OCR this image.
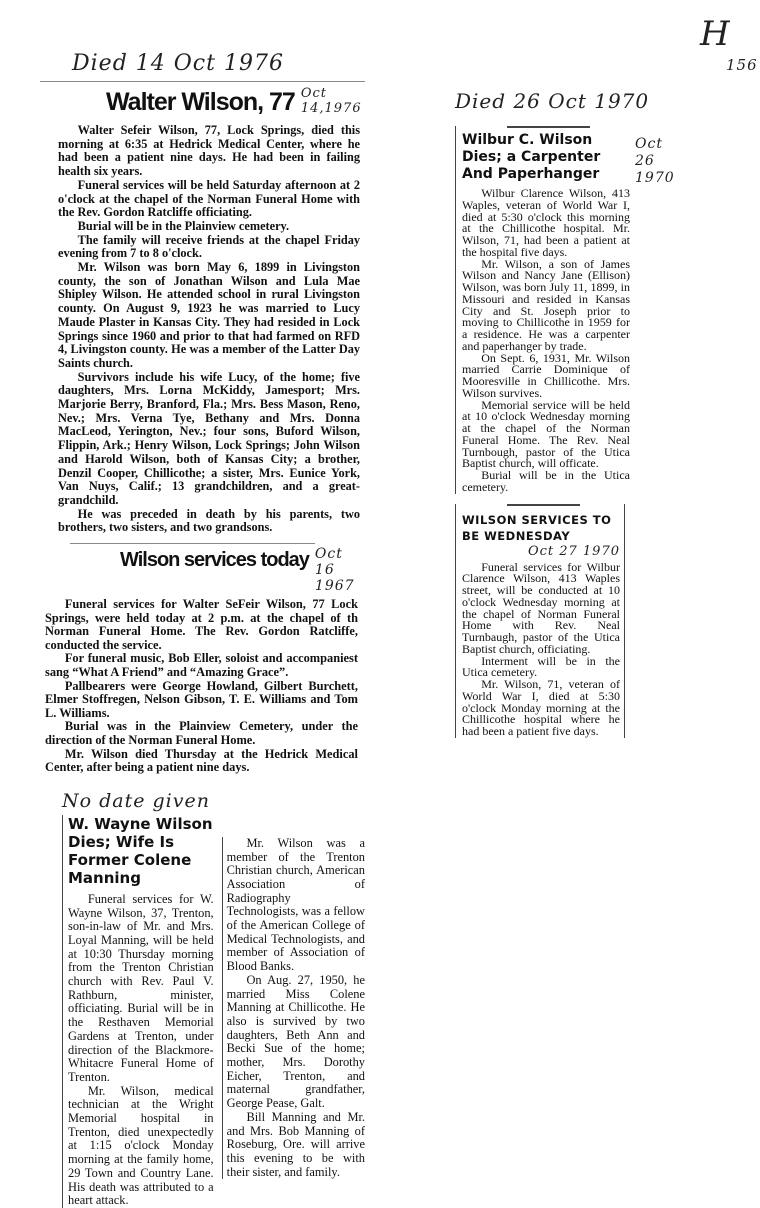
H
156
Died 14 Oct 1976
Walter Wilson, 77 Oct 14,1976

Walter Sefeir Wilson, 77, Lock Springs, died this morning at 6:35 at Hedrick Medical Center, where he had been a patient nine days. He had been in failing health six years.

Funeral services will be held Saturday afternoon at 2 o'clock at the chapel of the Norman Funeral Home with the Rev. Gordon Ratcliffe officiating.

Burial will be in the Plainview cemetery.

The family will receive friends at the chapel Friday evening from 7 to 8 o'clock.

Mr. Wilson was born May 6, 1899 in Livingston county, the son of Jonathan Wilson and Lula Mae Shipley Wilson. He attended school in rural Livingston county. On August 9, 1923 he was married to Lucy Maude Plaster in Kansas City. They had resided in Lock Springs since 1960 and prior to that had farmed on RFD 4, Livingston county. He was a member of the Latter Day Saints church.

Survivors include his wife Lucy, of the home; five daughters, Mrs. Lorna McKiddy, Jamesport; Mrs. Marjorie Berry, Branford, Fla.; Mrs. Bess Mason, Reno, Nev.; Mrs. Verna Tye, Bethany and Mrs. Donna MacLeod, Yerington, Nev.; four sons, Buford Wilson, Flippin, Ark.; Henry Wilson, Lock Springs; John Wilson and Harold Wilson, both of Kansas City; a brother, Denzil Cooper, Chillicothe; a sister, Mrs. Eunice York, Van Nuys, Calif.; 13 grandchildren, and a great-grandchild.

He was preceded in death by his parents, two brothers, two sisters, and two grandsons.

Wilson services today Oct 16 1967

Funeral services for Walter SeFeir Wilson, 77 Lock Springs, were held today at 2 p.m. at the chapel of th Norman Funeral Home. The Rev. Gordon Ratcliffe, conducted the service.

For funeral music, Bob Eller, soloist and accompaniest sang “What A Friend” and “Amazing Grace”.

Pallbearers were George Howland, Gilbert Burchett, Elmer Stoffregen, Nelson Gibson, T. E. Williams and Tom L. Williams.

Burial was in the Plainview Cemetery, under the direction of the Norman Funeral Home.

Mr. Wilson died Thursday at the Hedrick Medical Center, after being a patient nine days.

No date given
W. Wayne Wilson Dies; Wife Is Former Colene Manning

Funeral services for W. Wayne Wilson, 37, Trenton, son-in-law of Mr. and Mrs. Loyal Manning, will be held at 10:30 Thursday morning from the Trenton Christian church with Rev. Paul V. Rathburn, minister, officiating. Burial will be in the Resthaven Memorial Gardens at Trenton, under direction of the Blackmore-Whitacre Funeral Home of Trenton.

Mr. Wilson, medical technician at the Wright Memorial hospital in Trenton, died unexpectedly at 1:15 o'clock Monday morning at the family home, 29 Town and Country Lane. His death was attributed to a heart attack.

Mr. Wilson was a member of the Trenton Christian church, American Association of Radiography Technologists, was a fellow of the American College of Medical Technologists, and member of Association of Blood Banks.

On Aug. 27, 1950, he married Miss Colene Manning at Chillicothe. He also is survived by two daughters, Beth Ann and Becki Sue of the home; mother, Mrs. Dorothy Eicher, Trenton, and maternal grandfather, George Pease, Galt.

Bill Manning and Mr. and Mrs. Bob Manning of Roseburg, Ore. will arrive this evening to be with their sister, and family.

Died 26 Oct 1970
Wilbur C. Wilson Dies; a Carpenter And Paperhanger

Wilbur Clarence Wilson, 413 Waples, veteran of World War I, died at 5:30 o'clock this morning at the Chillicothe hospital. Mr. Wilson, 71, had been a patient at the hospital five days.

Mr. Wilson, a son of James Wilson and Nancy Jane (Ellison) Wilson, was born July 11, 1899, in Missouri and resided in Kansas City and St. Joseph prior to moving to Chillicothe in 1959 for a residence. He was a carpenter and paperhanger by trade.

On Sept. 6, 1931, Mr. Wilson married Carrie Dominique of Mooresville in Chillicothe. Mrs. Wilson survives.

Memorial service will be held at 10 o'clock Wednesday morning at the chapel of the Norman Funeral Home. The Rev. Neal Turnbough, pastor of the Utica Baptist church, will officate.

Burial will be in the Utica cemetery.

Oct 26 1970
WILSON SERVICES TO BE WEDNESDAY
Oct 27 1970

Funeral services for Wilbur Clarence Wilson, 413 Waples street, will be conducted at 10 o'clock Wednesday morning at the chapel of Norman Funeral Home with Rev. Neal Turnbaugh, pastor of the Utica Baptist church, officiating.

Interment will be in the Utica cemetery.

Mr. Wilson, 71, veteran of World War I, died at 5:30 o'clock Monday morning at the Chillicothe hospital where he had been a patient five days.
